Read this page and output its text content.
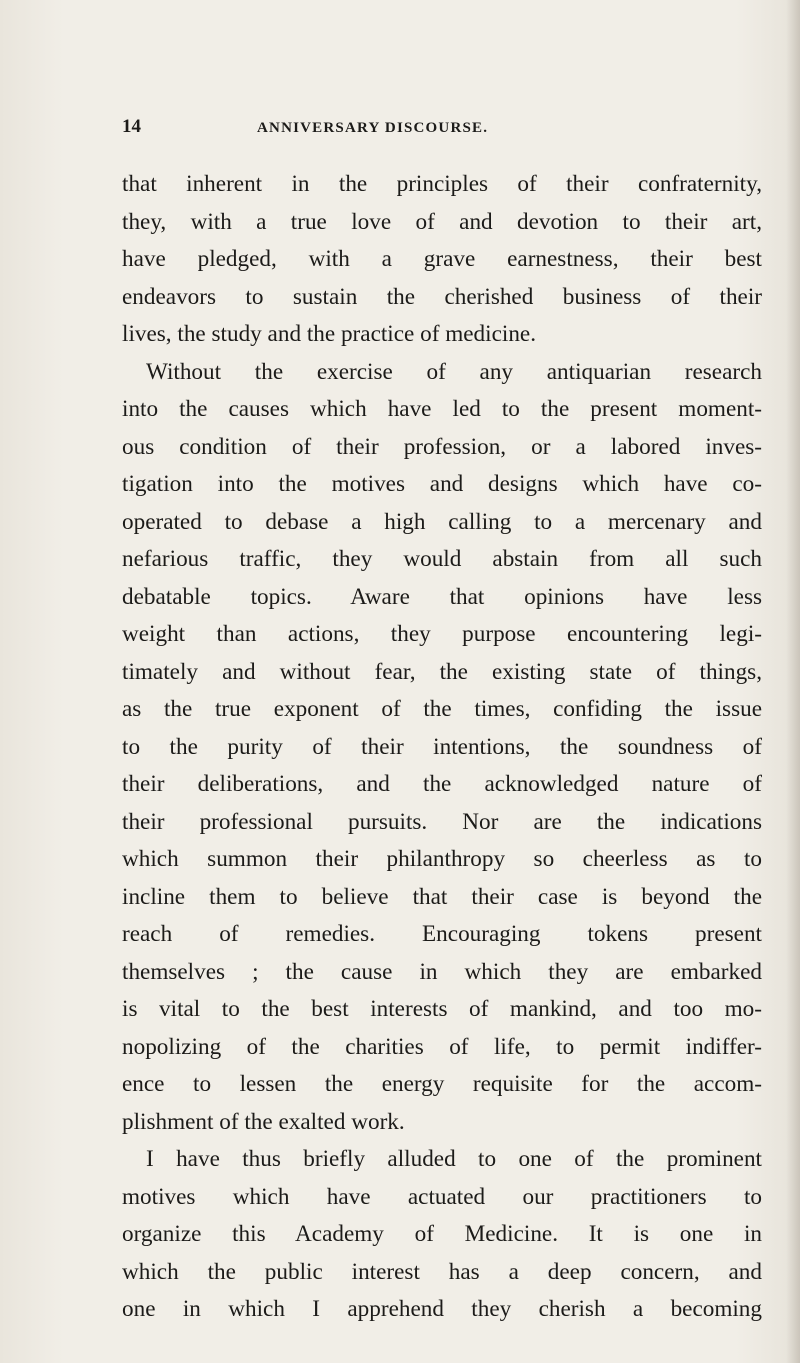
14	ANNIVERSARY DISCOURSE.
that inherent in the principles of their confraternity,
they, with a true love of and devotion to their art,
have pledged, with a grave earnestness, their best
endeavors to sustain the cherished business of their
lives, the study and the practice of medicine.
Without the exercise of any antiquarian research
into the causes which have led to the present moment-
ous condition of their profession, or a labored inves-
tigation into the motives and designs which have co-
operated to debase a high calling to a mercenary and
nefarious traffic, they would abstain from all such
debatable topics. Aware that opinions have less
weight than actions, they purpose encountering legi-
timately and without fear, the existing state of things,
as the true exponent of the times, confiding the issue
to the purity of their intentions, the soundness of
their deliberations, and the acknowledged nature of
their professional pursuits. Nor are the indications
which summon their philanthropy so cheerless as to
incline them to believe that their case is beyond the
reach of remedies. Encouraging tokens present
themselves ; the cause in which they are embarked
is vital to the best interests of mankind, and too mo-
nopolizing of the charities of life, to permit indiffer-
ence to lessen the energy requisite for the accom-
plishment of the exalted work.
I have thus briefly alluded to one of the prominent
motives which have actuated our practitioners to
organize this Academy of Medicine. It is one in
which the public interest has a deep concern, and
one in which I apprehend they cherish a becoming
